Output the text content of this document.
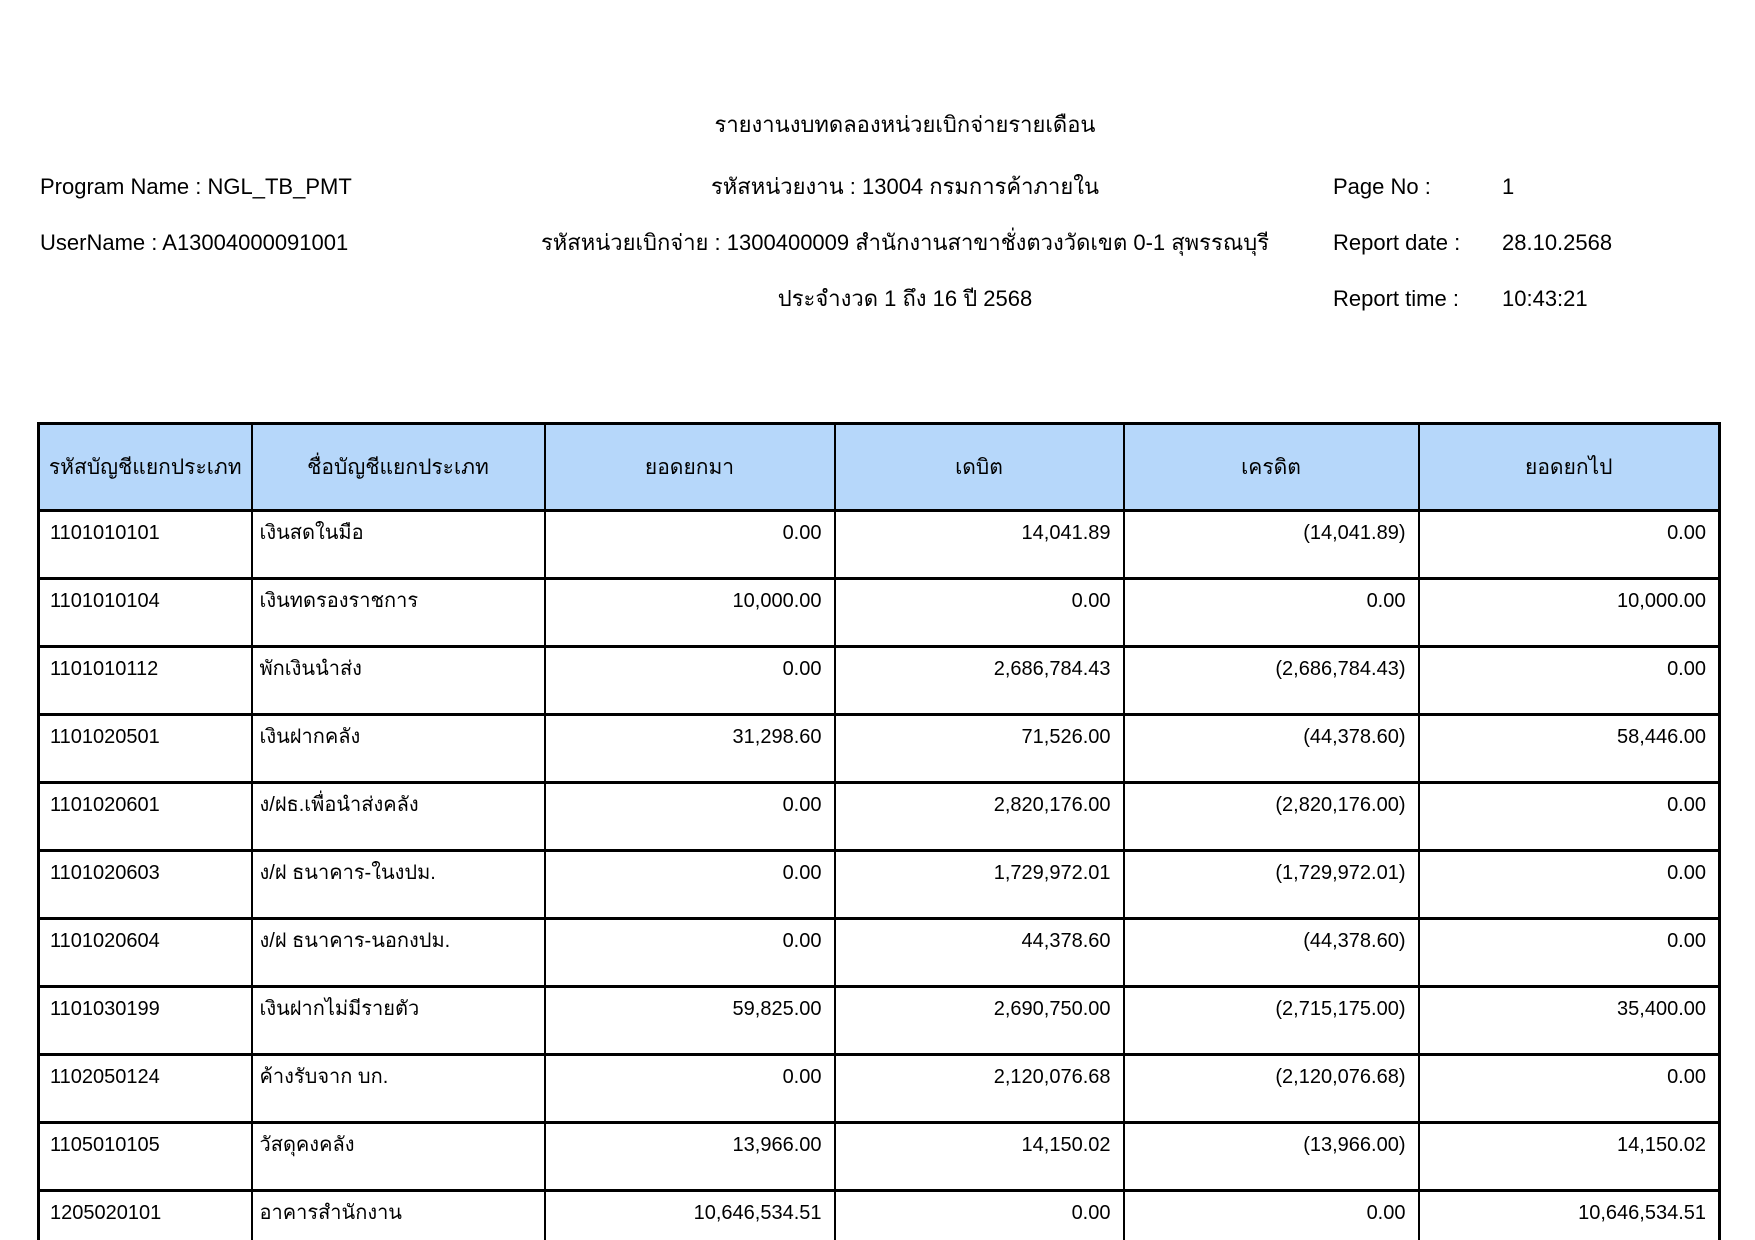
รายงานงบทดลองหน่วยเบิกจ่ายรายเดือน
Program Name : NGL_TB_PMT	รหัสหน่วยงาน : 13004 กรมการค้าภายใน	Page No :	1
UserName : A13004000091001	รหัสหน่วยเบิกจ่าย : 1300400009 สำนักงานสาขาชั่งตวงวัดเขต 0-1 สุพรรณบุรี	Report date : 28.10.2568
ประจำงวด 1 ถึง 16 ปี 2568	Report time : 10:43:21
รหัสบัญชีแยกประเภท	ชื่อบัญชีแยกประเภท	ยอดยกมา	เดบิต	เครดิต	ยอดยกไป
1101010101	เงินสดในมือ	0.00	14,041.89	(14,041.89)	0.00
1101010104	เงินทดรองราชการ	10,000.00	0.00	0.00	10,000.00
1101010112	พักเงินนำส่ง	0.00	2,686,784.43	(2,686,784.43)	0.00
1101020501	เงินฝากคลัง	31,298.60	71,526.00	(44,378.60)	58,446.00
1101020601	ง/ฝธ.เพื่อนำส่งคลัง	0.00	2,820,176.00	(2,820,176.00)	0.00
1101020603	ง/ฝ ธนาคาร-ในงปม.	0.00	1,729,972.01	(1,729,972.01)	0.00
1101020604	ง/ฝ ธนาคาร-นอกงปม.	0.00	44,378.60	(44,378.60)	0.00
1101030199	เงินฝากไม่มีรายตัว	59,825.00	2,690,750.00	(2,715,175.00)	35,400.00
1102050124	ค้างรับจาก บก.	0.00	2,120,076.68	(2,120,076.68)	0.00
1105010105	วัสดุคงคลัง	13,966.00	14,150.02	(13,966.00)	14,150.02
1205020101	อาคารสำนักงาน	10,646,534.51	0.00	0.00	10,646,534.51
